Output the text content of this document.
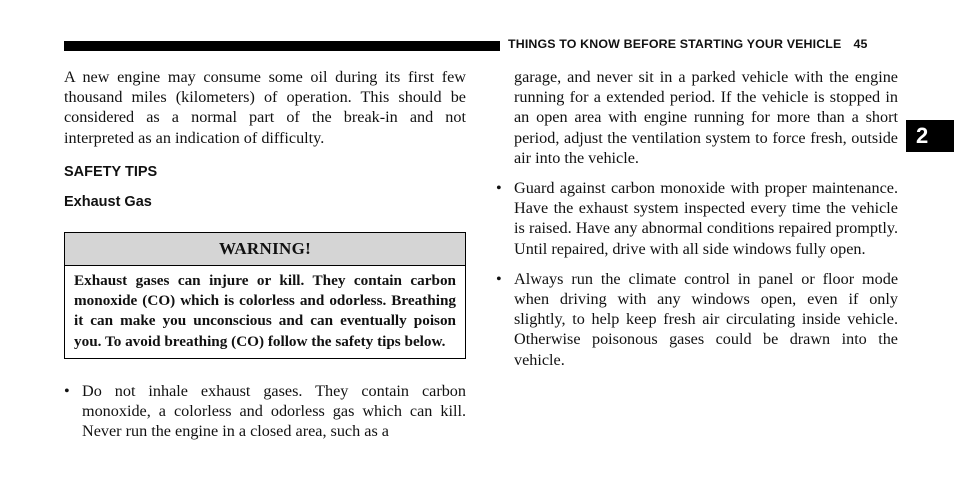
THINGS TO KNOW BEFORE STARTING YOUR VEHICLE 45
2

A new engine may consume some oil during its first few thousand miles (kilometers) of operation. This should be considered as a normal part of the break-in and not interpreted as an indication of difficulty.

SAFETY TIPS
Exhaust Gas
WARNING!
Exhaust gases can injure or kill. They contain carbon monoxide (CO) which is colorless and odorless. Breathing it can make you unconscious and can eventually poison you. To avoid breathing (CO) follow the safety tips below.
• Do not inhale exhaust gases. They contain carbon monoxide, a colorless and odorless gas which can kill. Never run the engine in a closed area, such as a

garage, and never sit in a parked vehicle with the engine running for a extended period. If the vehicle is stopped in an open area with engine running for more than a short period, adjust the ventilation system to force fresh, outside air into the vehicle.

• Guard against carbon monoxide with proper maintenance. Have the exhaust system inspected every time the vehicle is raised. Have any abnormal conditions repaired promptly. Until repaired, drive with all side windows fully open.
• Always run the climate control in panel or floor mode when driving with any windows open, even if only slightly, to help keep fresh air circulating inside vehicle. Otherwise poisonous gases could be drawn into the vehicle.
